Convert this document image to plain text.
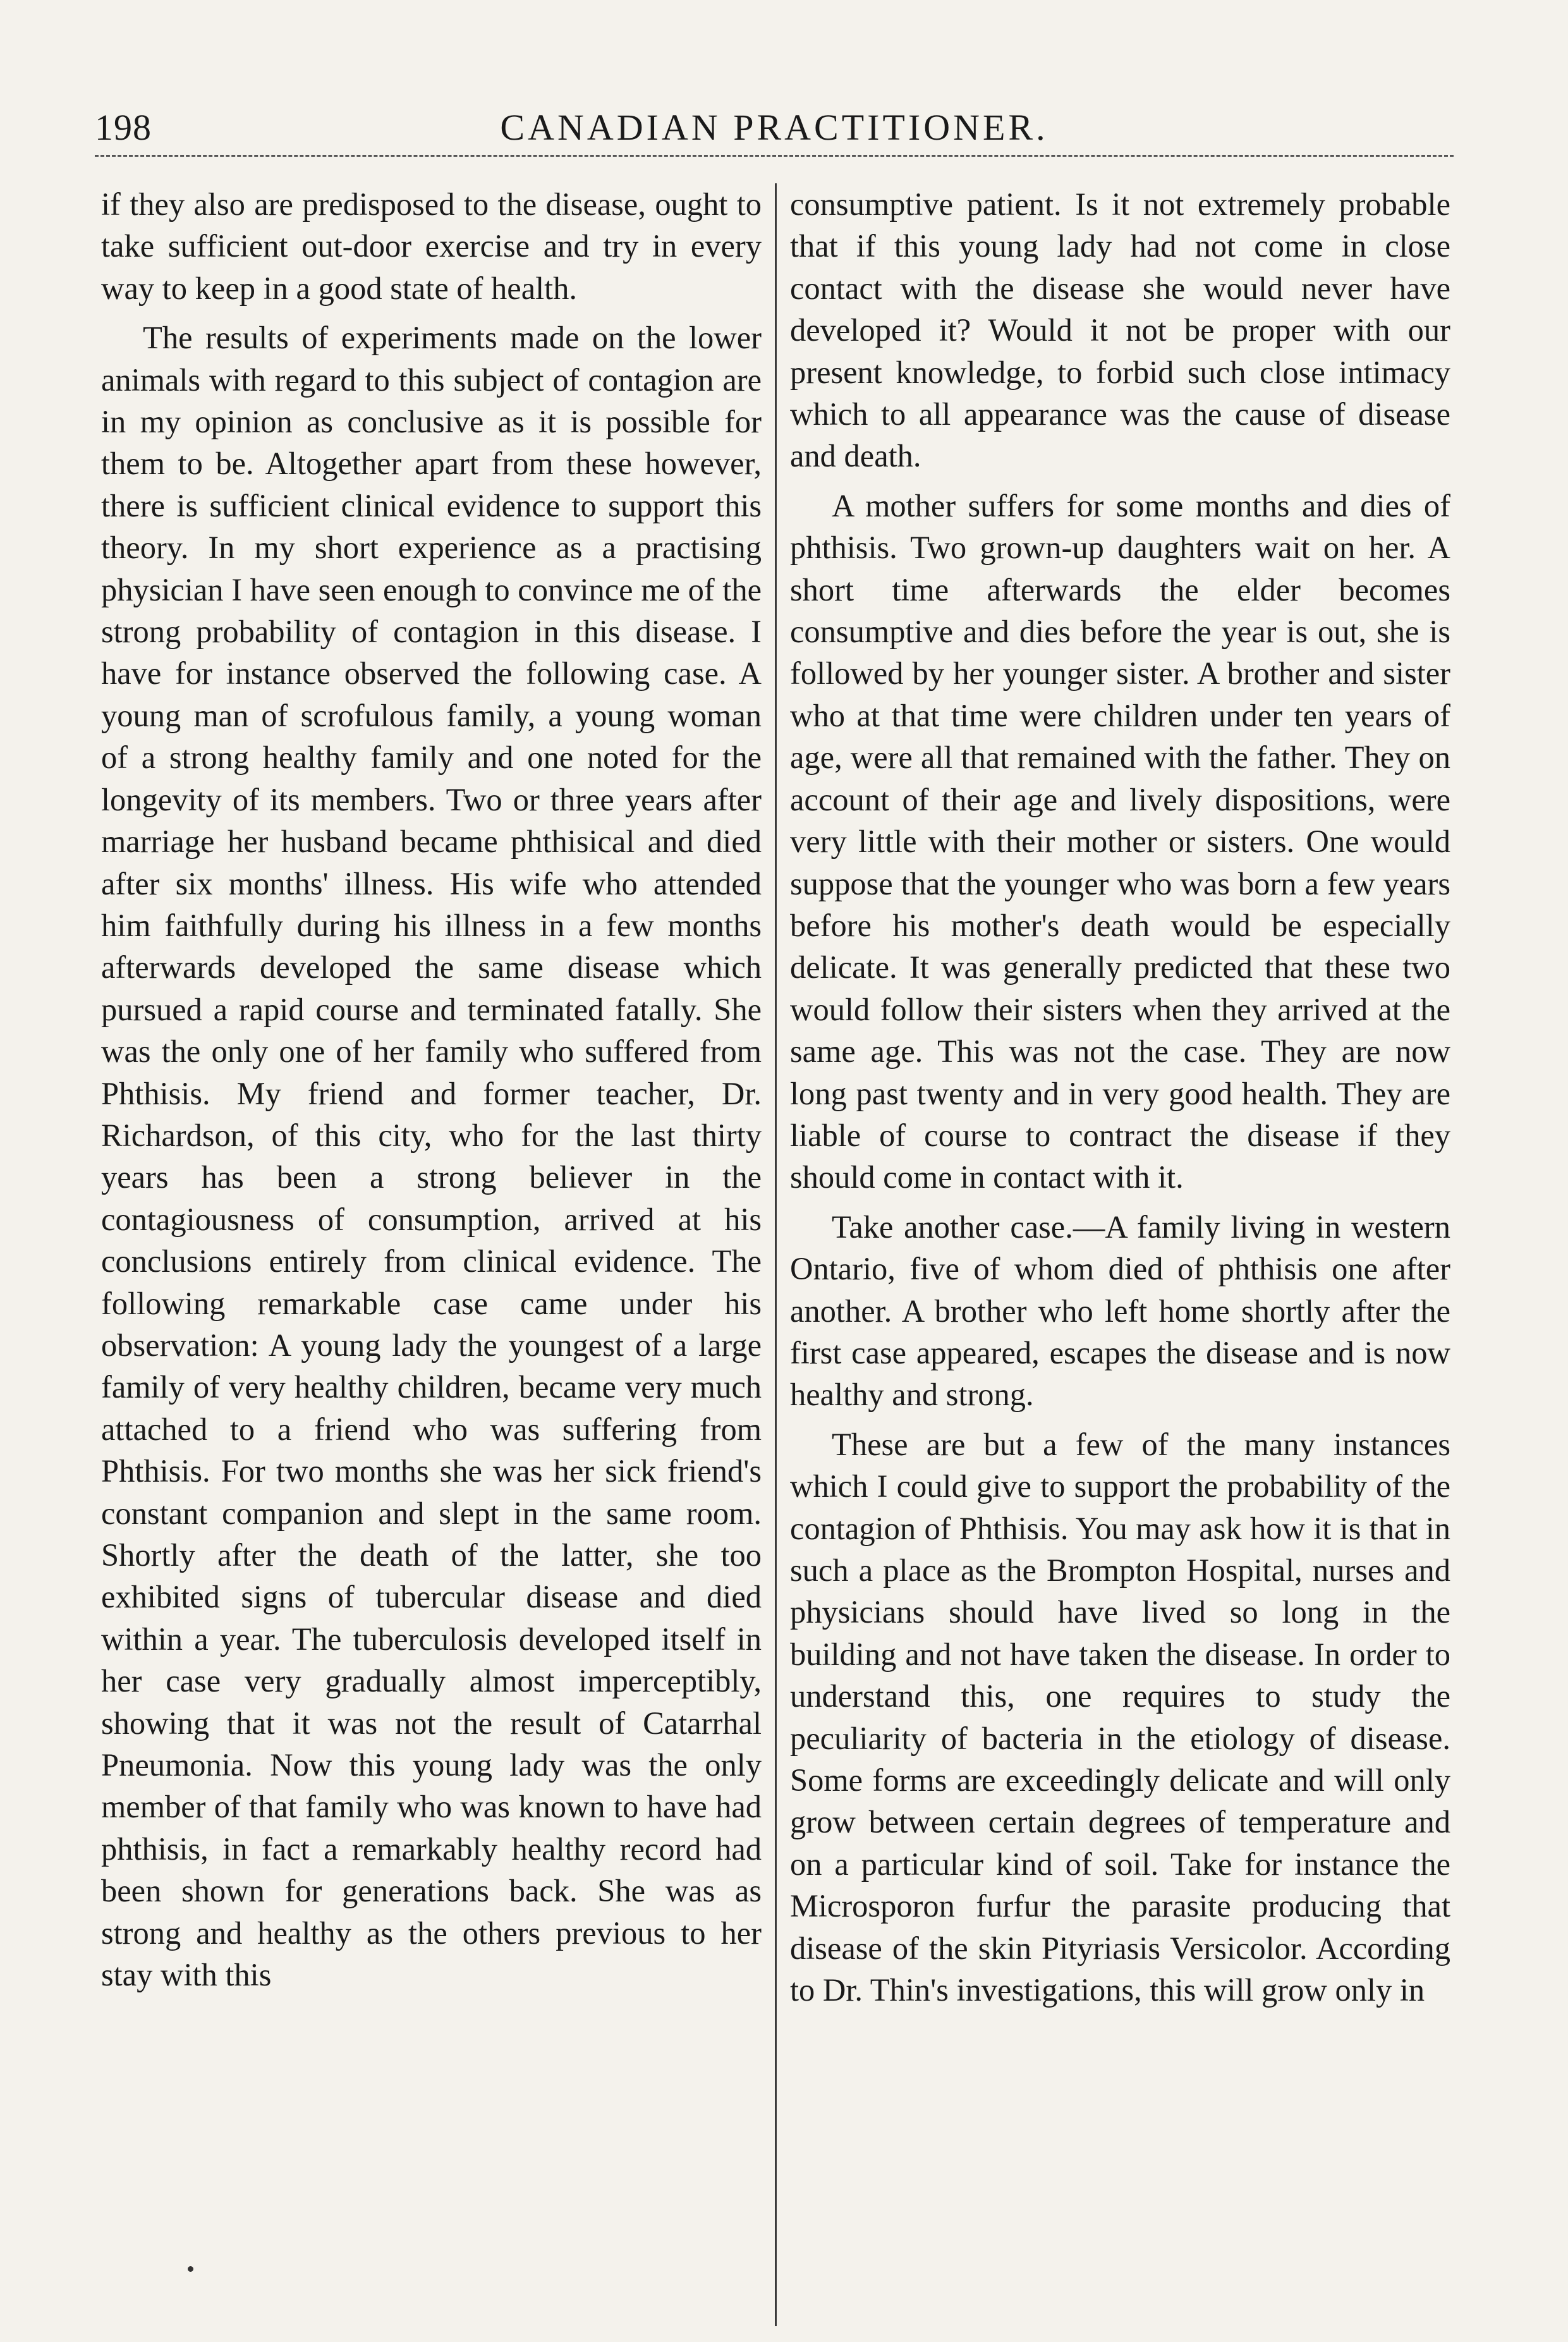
198	CANADIAN PRACTITIONER.

if they also are predisposed to the disease, ought to take sufficient out-door exercise and try in every way to keep in a good state of health.

The results of experiments made on the lower animals with regard to this subject of contagion are in my opinion as conclusive as it is possible for them to be. Altogether apart from these however, there is sufficient clinical evidence to support this theory. In my short experience as a practising physician I have seen enough to convince me of the strong probability of contagion in this disease. I have for instance observed the following case. A young man of scrofulous family, a young woman of a strong healthy family and one noted for the longevity of its members. Two or three years after marriage her husband became phthisical and died after six months' illness. His wife who attended him faithfully during his illness in a few months afterwards developed the same disease which pursued a rapid course and terminated fatally. She was the only one of her family who suffered from Phthisis. My friend and former teacher, Dr. Richardson, of this city, who for the last thirty years has been a strong believer in the contagiousness of consumption, arrived at his conclusions entirely from clinical evidence. The following remarkable case came under his observation: A young lady the youngest of a large family of very healthy children, became very much attached to a friend who was suffering from Phthisis. For two months she was her sick friend's constant companion and slept in the same room. Shortly after the death of the latter, she too exhibited signs of tubercular disease and died within a year. The tuberculosis developed itself in her case very gradually almost imperceptibly, showing that it was not the result of Catarrhal Pneumonia. Now this young lady was the only member of that family who was known to have had phthisis, in fact a remarkably healthy record had been shown for generations back. She was as strong and healthy as the others previous to her stay with this

consumptive patient. Is it not extremely probable that if this young lady had not come in close contact with the disease she would never have developed it? Would it not be proper with our present knowledge, to forbid such close intimacy which to all appearance was the cause of disease and death.

A mother suffers for some months and dies of phthisis. Two grown-up daughters wait on her. A short time afterwards the elder becomes consumptive and dies before the year is out, she is followed by her younger sister. A brother and sister who at that time were children under ten years of age, were all that remained with the father. They on account of their age and lively dispositions, were very little with their mother or sisters. One would suppose that the younger who was born a few years before his mother's death would be especially delicate. It was generally predicted that these two would follow their sisters when they arrived at the same age. This was not the case. They are now long past twenty and in very good health. They are liable of course to contract the disease if they should come in contact with it.

Take another case.—A family living in western Ontario, five of whom died of phthisis one after another. A brother who left home shortly after the first case appeared, escapes the disease and is now healthy and strong.

These are but a few of the many instances which I could give to support the probability of the contagion of Phthisis. You may ask how it is that in such a place as the Brompton Hospital, nurses and physicians should have lived so long in the building and not have taken the disease. In order to understand this, one requires to study the peculiarity of bacteria in the etiology of disease. Some forms are exceedingly delicate and will only grow between certain degrees of temperature and on a particular kind of soil. Take for instance the Microsporon furfur the parasite producing that disease of the skin Pityriasis Versicolor. According to Dr. Thin's investigations, this will grow only in
